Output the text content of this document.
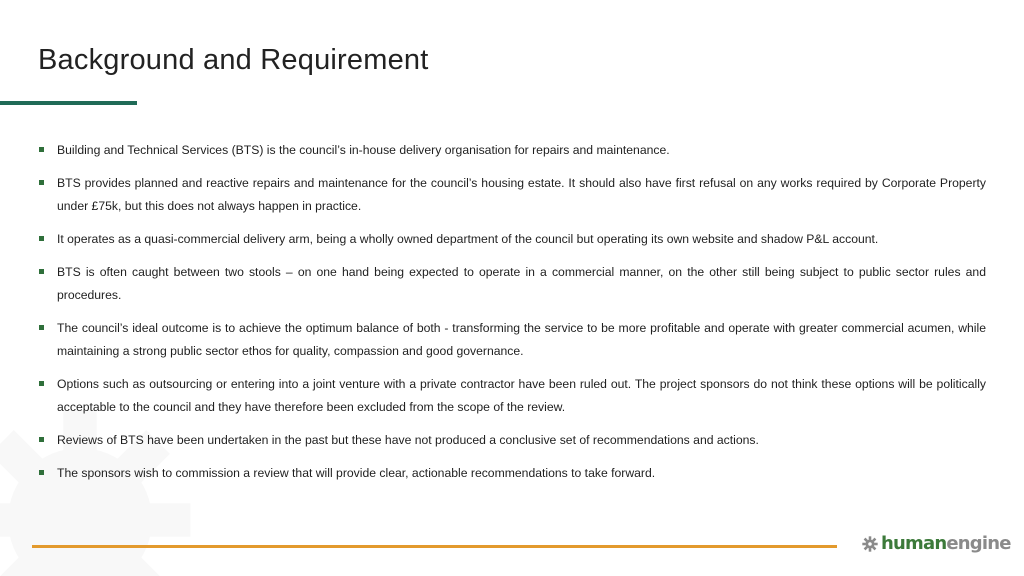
Background and Requirement
Building and Technical Services (BTS) is the council’s in-house delivery organisation for repairs and maintenance.
BTS provides planned and reactive repairs and maintenance for the council’s housing estate. It should also have first refusal on any works required by Corporate Property under £75k, but this does not always happen in practice.
It operates as a quasi-commercial delivery arm, being a wholly owned department of the council but operating its own website and shadow P&L account.
BTS is often caught between two stools – on one hand being expected to operate in a commercial manner, on the other still being subject to public sector rules and procedures.
The council’s ideal outcome is to achieve the optimum balance of both - transforming the service to be more profitable and operate with greater commercial acumen, while maintaining a strong public sector ethos for quality, compassion and good governance.
Options such as outsourcing or entering into a joint venture with a private contractor have been ruled out. The project sponsors do not think these options will be politically acceptable to the council and they have therefore been excluded from the scope of the review.
Reviews of BTS have been undertaken in the past but these have not produced a conclusive set of recommendations and actions.
The sponsors wish to commission a review that will provide clear, actionable recommendations to take forward.
human engine
